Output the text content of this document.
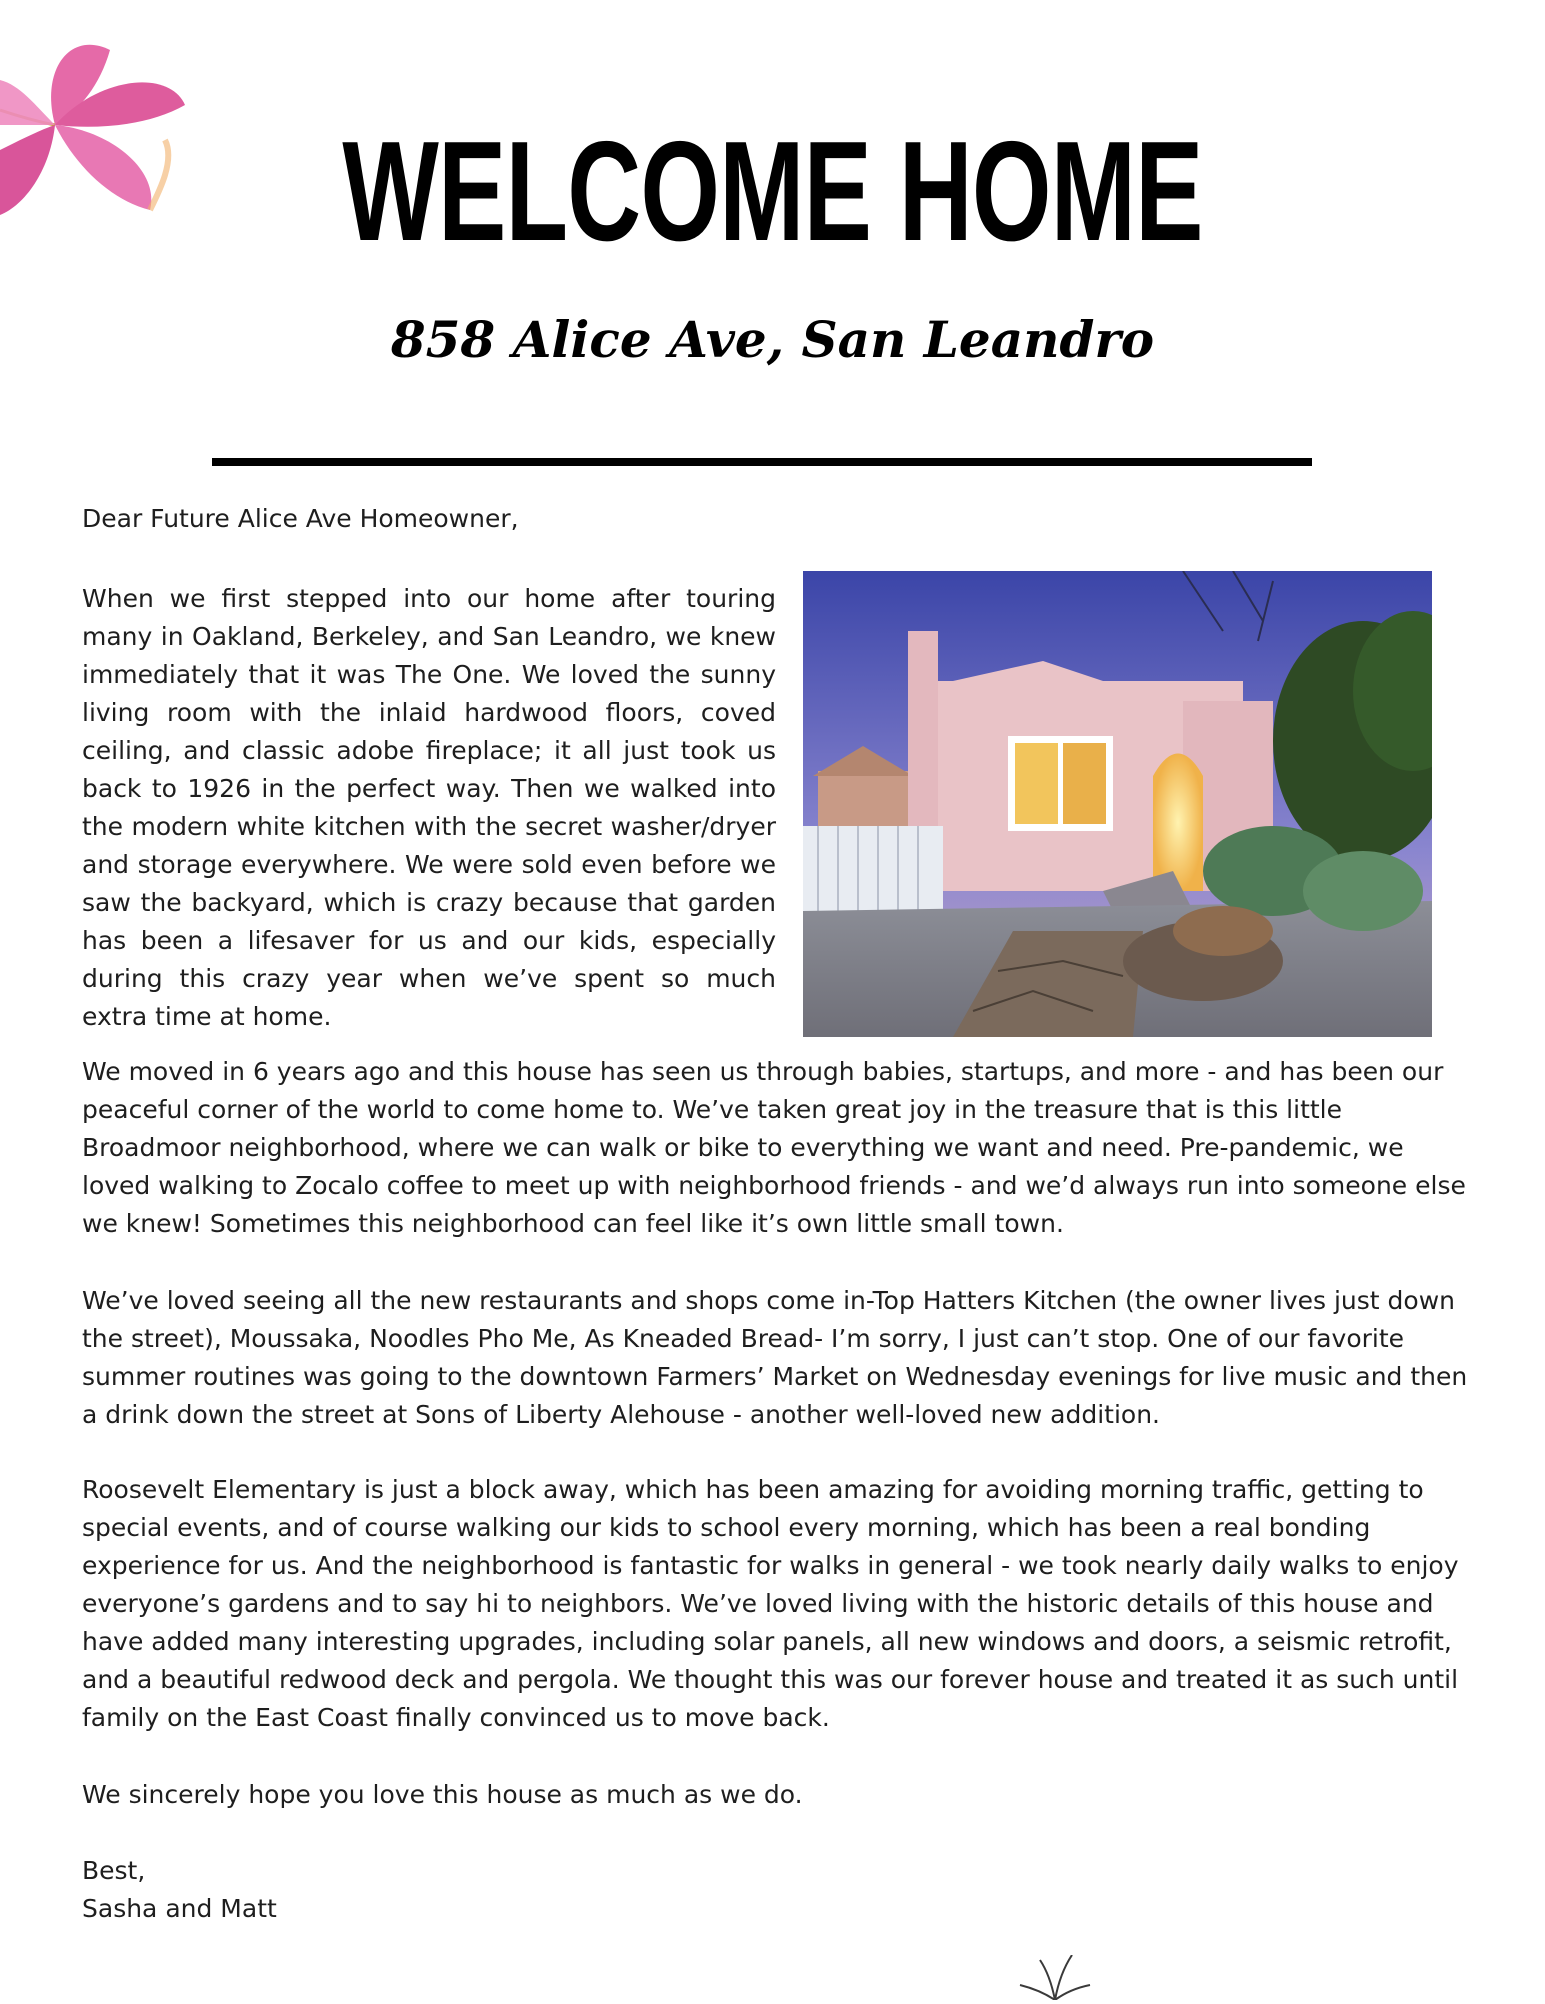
WELCOME HOME
858 Alice Ave, San Leandro
Dear Future Alice Ave Homeowner,
When we first stepped into our home after touring many in Oakland, Berkeley, and San Leandro, we knew immediately that it was The One. We loved the sunny living room with the inlaid hardwood floors, coved ceiling, and classic adobe fireplace; it all just took us back to 1926 in the perfect way. Then we walked into the modern white kitchen with the secret washer/dryer and storage everywhere. We were sold even before we saw the backyard, which is crazy because that garden has been a lifesaver for us and our kids, especially during this crazy year when we’ve spent so much extra time at home.
We moved in 6 years ago and this house has seen us through babies, startups, and more - and has been our peaceful corner of the world to come home to. We’ve taken great joy in the treasure that is this little Broadmoor neighborhood, where we can walk or bike to everything we want and need. Pre-pandemic, we loved walking to Zocalo coffee to meet up with neighborhood friends - and we’d always run into someone else we knew! Sometimes this neighborhood can feel like it’s own little small town.
We’ve loved seeing all the new restaurants and shops come in-Top Hatters Kitchen (the owner lives just down the street), Moussaka, Noodles Pho Me, As Kneaded Bread- I’m sorry, I just can’t stop. One of our favorite summer routines was going to the downtown Farmers’ Market on Wednesday evenings for live music and then a drink down the street at Sons of Liberty Alehouse - another well-loved new addition.
Roosevelt Elementary is just a block away, which has been amazing for avoiding morning traffic, getting to special events, and of course walking our kids to school every morning, which has been a real bonding experience for us. And the neighborhood is fantastic for walks in general - we took nearly daily walks to enjoy everyone’s gardens and to say hi to neighbors. We’ve loved living with the historic details of this house and have added many interesting upgrades, including solar panels, all new windows and doors, a seismic retrofit, and a beautiful redwood deck and pergola. We thought this was our forever house and treated it as such until family on the East Coast finally convinced us to move back.
We sincerely hope you love this house as much as we do.
Best,
Sasha and Matt
